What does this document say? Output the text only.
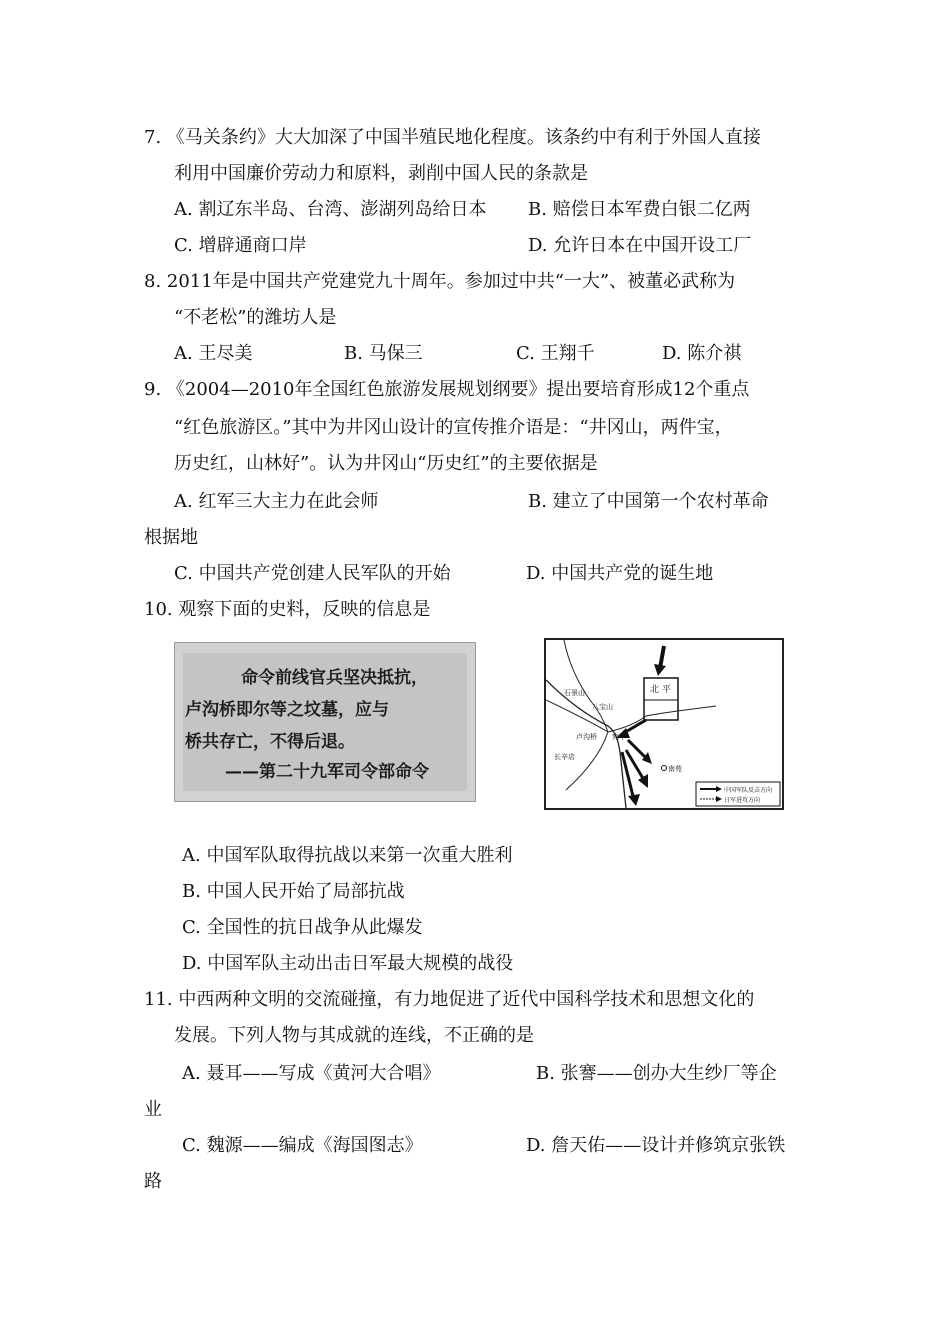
7. 《马关条约》大大加深了中国半殖民地化程度。该条约中有利于外国人直接
利用中国廉价劳动力和原料，剥削中国人民的条款是
A. 割辽东半岛、台湾、澎湖列岛给日本 B. 赔偿日本军费白银二亿两
C. 增辟通商口岸	D. 允许日本在中国开设工厂
8. 2011年是中国共产党建党九十周年。参加过中共“一大”、被董必武称为
“不老松”的潍坊人是
A. 王尽美	B. 马保三	C. 王翔千	D. 陈介祺
9. 《2004—2010年全国红色旅游发展规划纲要》提出要培育形成12个重点
“红色旅游区。”其中为井冈山设计的宣传推介语是：“井冈山，两件宝，
历史红，山林好”。认为井冈山“历史红”的主要依据是
A. 红军三大主力在此会师	B. 建立了中国第一个农村革命
根据地
C. 中国共产党创建人民军队的开始	D. 中国共产党的诞生地
10. 观察下面的史料，反映的信息是
命令前线官兵坚决抵抗，
卢沟桥即尔等之坟墓，应与
桥共存亡，不得后退。
——第二十九军司令部命令
北 平
石景山
八宝山
卢沟桥 宛平
长辛店
南苑
中国军队反击方向
日军进攻方向
A. 中国军队取得抗战以来第一次重大胜利
B. 中国人民开始了局部抗战
C. 全国性的抗日战争从此爆发
D. 中国军队主动出击日军最大规模的战役
11. 中西两种文明的交流碰撞，有力地促进了近代中国科学技术和思想文化的
发展。下列人物与其成就的连线，不正确的是
A. 聂耳——写成《黄河大合唱》	B. 张謇——创办大生纱厂等企
业
C. 魏源——编成《海国图志》	D. 詹天佑——设计并修筑京张铁
路
